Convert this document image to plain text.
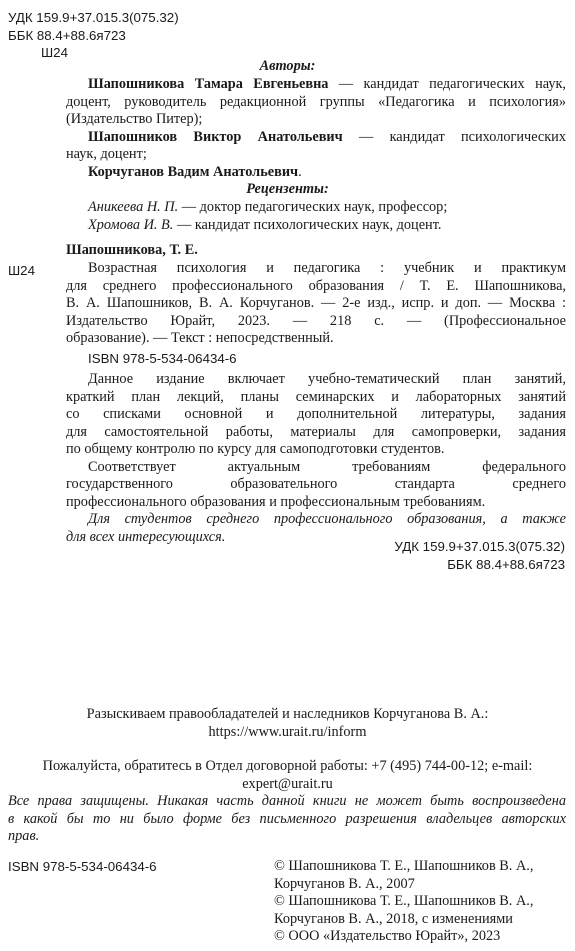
УДК 159.9+37.015.3(075.32)
ББК 88.4+88.6я723
Ш24
Авторы:
Шапошникова Тамара Евгеньевна — кандидат педагогических наук,
доцент, руководитель редакционной группы «Педагогика и психология»
(Издательство Питер);
Шапошников Виктор Анатольевич — кандидат психологических
наук, доцент;
Корчуганов Вадим Анатольевич.
Рецензенты:
Аникеева Н. П. — доктор педагогических наук, профессор;
Хромова И. В. — кандидат психологических наук, доцент.
Шапошникова, Т. Е.
Ш24	Возрастная психология и педагогика : учебник и практикум
для среднего профессионального образования / Т. Е. Шапошникова,
В. А. Шапошников, В. А. Корчуганов. — 2-е изд., испр. и доп. — Москва :
Издательство Юрайт, 2023. — 218 с. — (Профессиональное
образование). — Текст : непосредственный.
ISBN 978-5-534-06434-6
Данное издание включает учебно-тематический план занятий,
краткий план лекций, планы семинарских и лабораторных занятий
со списками основной и дополнительной литературы, задания
для самостоятельной работы, материалы для самопроверки, задания
по общему контролю по курсу для самоподготовки студентов.
Соответствует актуальным требованиям федерального
государственного образовательного стандарта среднего
профессионального образования и профессиональным требованиям.
Для студентов среднего профессионального образования, а также
для всех интересующихся.
УДК 159.9+37.015.3(075.32)
ББК 88.4+88.6я723
Разыскиваем правообладателей и наследников Корчуганова В. А.:
https://www.urait.ru/inform
Пожалуйста, обратитесь в Отдел договорной работы: +7 (495) 744-00-12; e-mail:
expert@urait.ru
Все права защищены. Никакая часть данной книги не может быть воспроизведена
в какой бы то ни было форме без письменного разрешения владельцев авторских
прав.
ISBN 978-5-534-06434-6	© Шапошникова Т. Е., Шапошников В. А.,
Корчуганов В. А., 2007
© Шапошникова Т. Е., Шапошников В. А.,
Корчуганов В. А., 2018, с изменениями
© ООО «Издательство Юрайт», 2023
